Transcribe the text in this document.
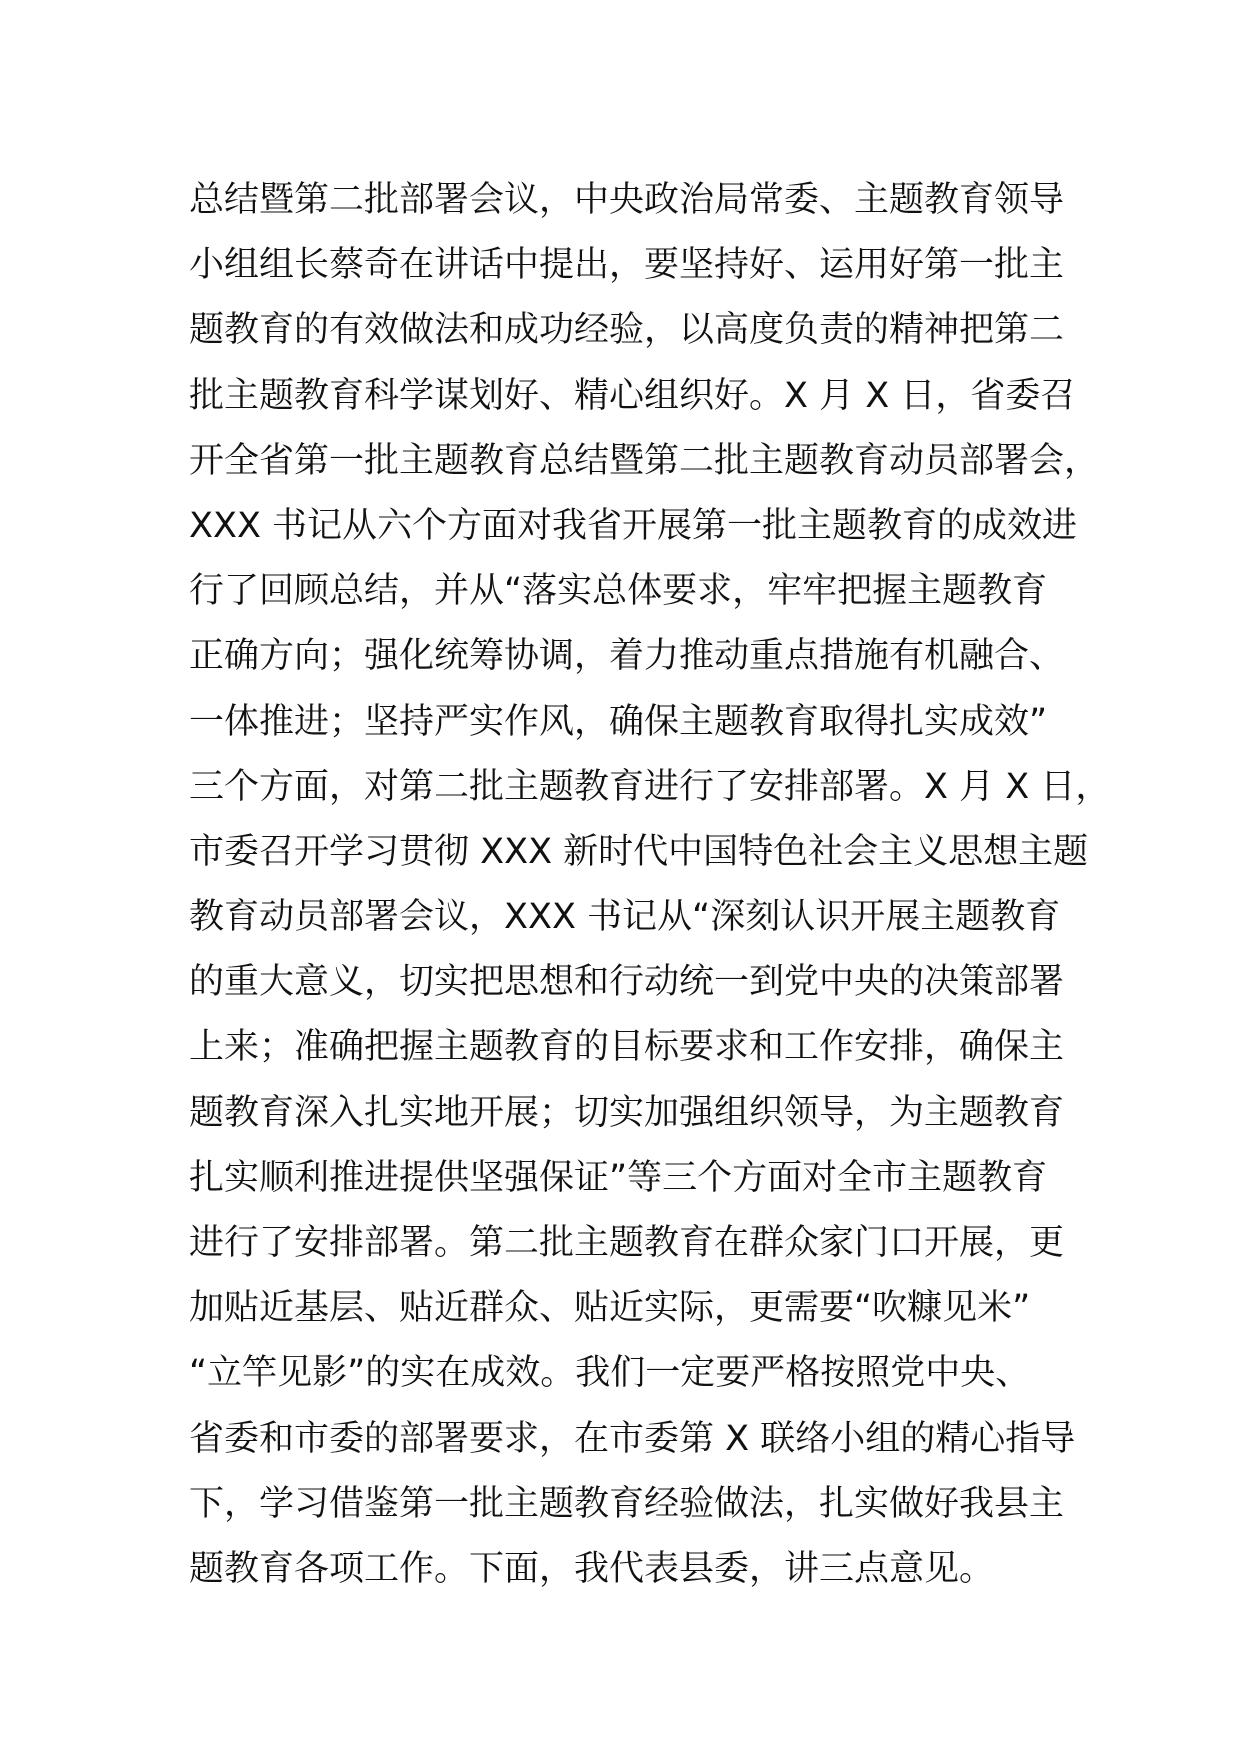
总结暨第二批部署会议，中央政治局常委、主题教育领导
小组组长蔡奇在讲话中提出，要坚持好、运用好第一批主
题教育的有效做法和成功经验，以高度负责的精神把第二
批主题教育科学谋划好、精心组织好。X 月 X 日，省委召
开全省第一批主题教育总结暨第二批主题教育动员部署会，
XXX 书记从六个方面对我省开展第一批主题教育的成效进
行了回顾总结，并从“落实总体要求，牢牢把握主题教育
正确方向；强化统筹协调，着力推动重点措施有机融合、
一体推进；坚持严实作风，确保主题教育取得扎实成效”
三个方面，对第二批主题教育进行了安排部署。X 月 X 日，
市委召开学习贯彻 XXX 新时代中国特色社会主义思想主题
教育动员部署会议，XXX 书记从“深刻认识开展主题教育
的重大意义，切实把思想和行动统一到党中央的决策部署
上来；准确把握主题教育的目标要求和工作安排，确保主
题教育深入扎实地开展；切实加强组织领导，为主题教育
扎实顺利推进提供坚强保证”等三个方面对全市主题教育
进行了安排部署。第二批主题教育在群众家门口开展，更
加贴近基层、贴近群众、贴近实际，更需要“吹糠见米”
“立竿见影”的实在成效。我们一定要严格按照党中央、
省委和市委的部署要求，在市委第 X 联络小组的精心指导
下，学习借鉴第一批主题教育经验做法，扎实做好我县主
题教育各项工作。下面，我代表县委，讲三点意见。
